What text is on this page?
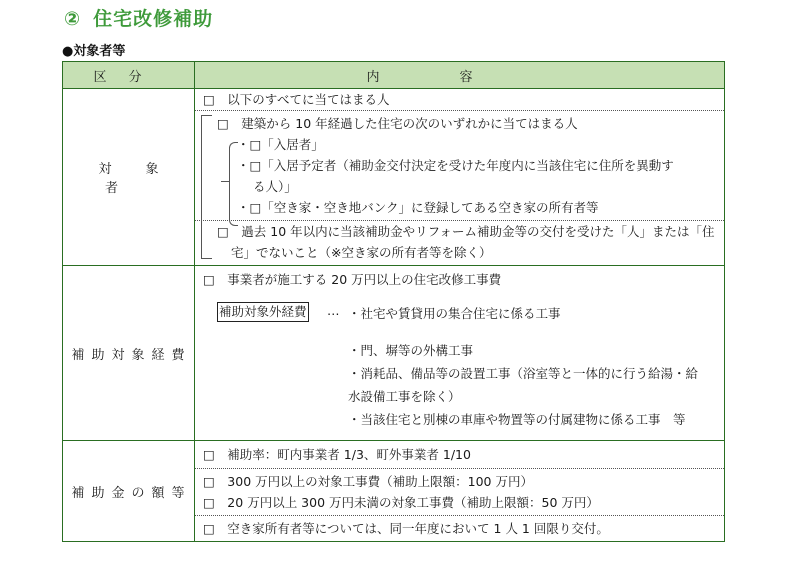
② 住宅改修補助
●対象者等
区分	内容
対象者	
□　以下のすべてに当てはまる人
□　建築から 10 年経過した住宅の次のいずれかに当てはまる人
・□「入居者」
・□「入居予定者（補助金交付決定を受けた年度内に当該住宅に住所を異動す
る人）」
・□「空き家・空き地バンク」に登録してある空き家の所有者等
□　過去 10 年以内に当該補助金やリフォーム補助金等の交付を受けた「人」または「住
宅」でないこと（※空き家の所有者等を除く）

補助対象経費	
□　事業者が施工する 20 万円以上の住宅改修工事費
補助対象外経費 … ・社宅や賃貸用の集合住宅に係る工事
・門、塀等の外構工事
・消耗品、備品等の設置工事（浴室等と一体的に行う給湯・給
水設備工事を除く）
・当該住宅と別棟の車庫や物置等の付属建物に係る工事　等

補助金の額等	□　補助率：町内事業者 1/3、町外事業者 1/10
□　300 万円以上の対象工事費（補助上限額：100 万円）
□　20 万円以上 300 万円未満の対象工事費（補助上限額：50 万円）
□　空き家所有者等については、同一年度において 1 人 1 回限り交付。
